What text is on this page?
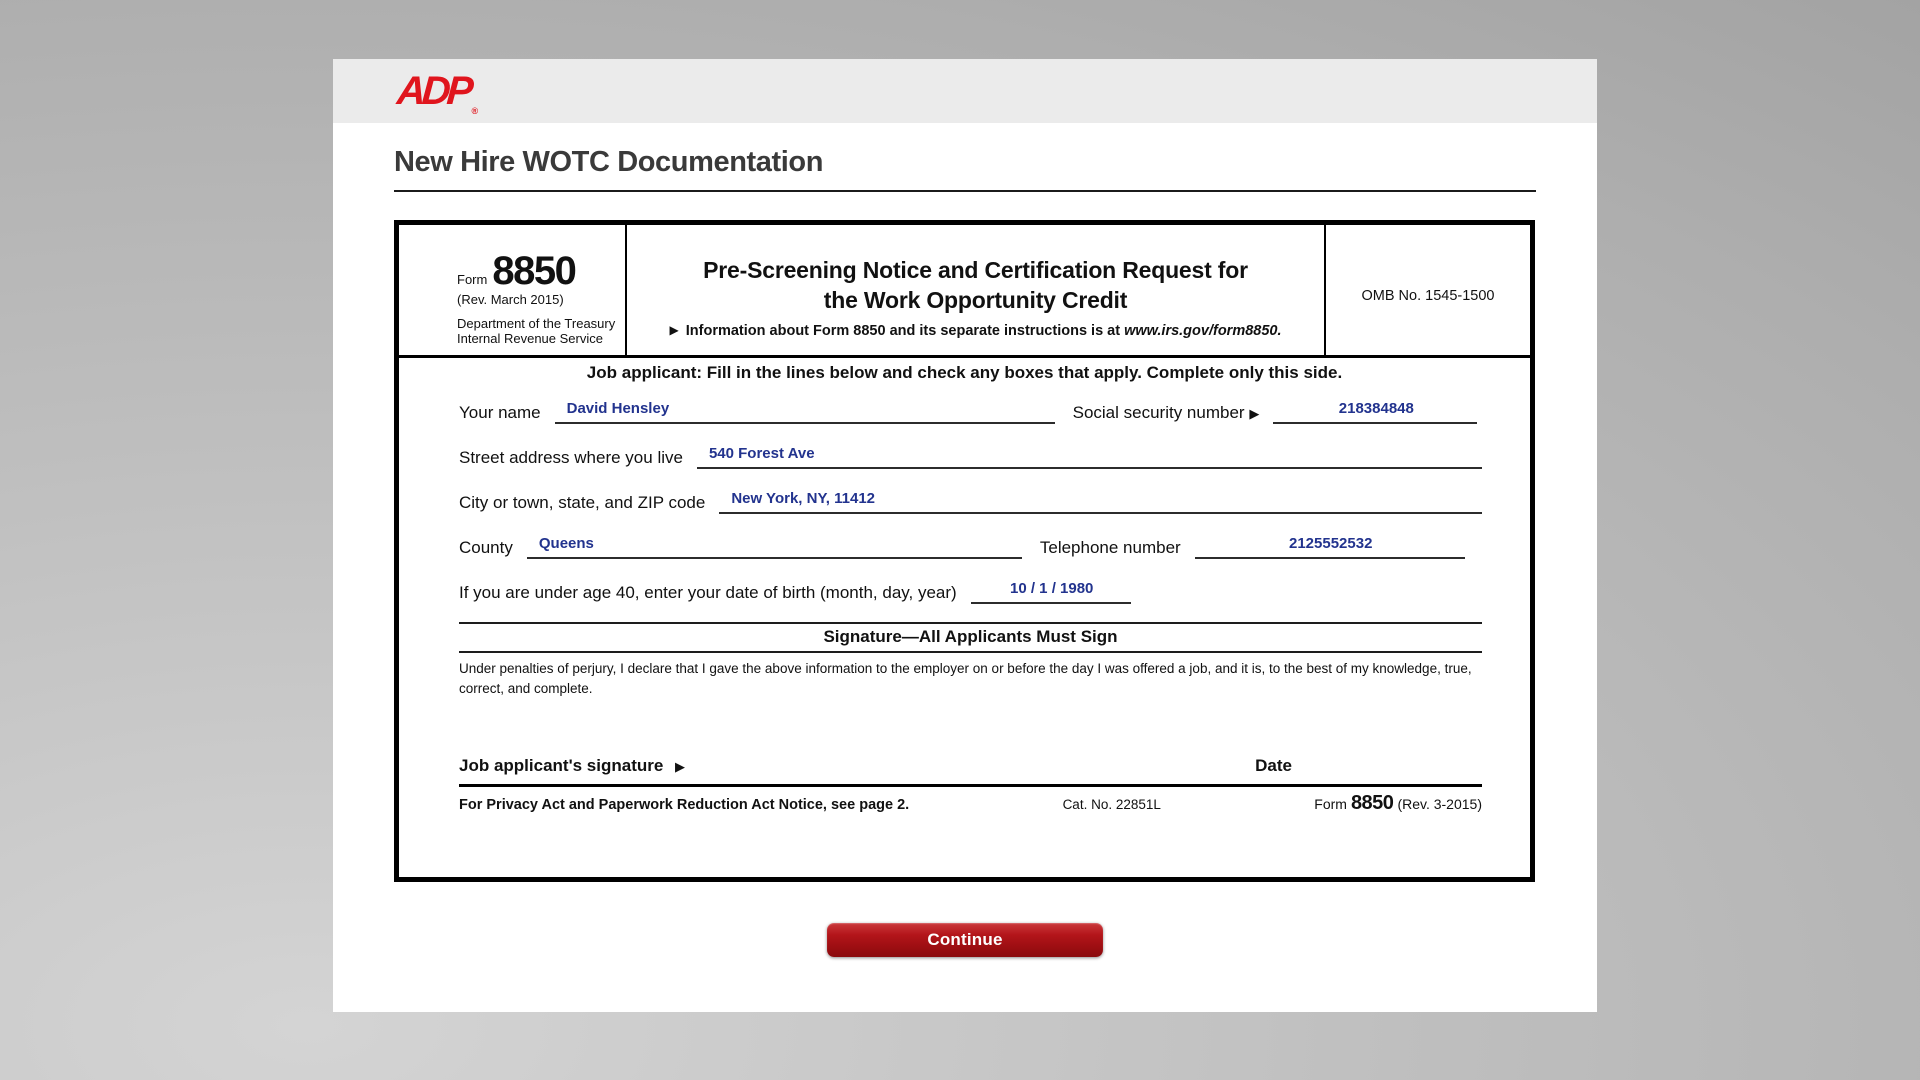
$ADP_®$
New Hire WOTC Documentation
Form 8850
(Rev. March 2015)
Department of the Treasury
Internal Revenue Service
Pre-Screening Notice and Certification Request for
the Work Opportunity Credit
▶ Information about Form 8850 and its separate instructions is at www.irs.gov/form8850.
OMB No. 1545-1500
Job applicant: Fill in the lines below and check any boxes that apply. Complete only this side.
Your name David Hensley	Social security number ▶	218384848
Street address where you live 540 Forest Ave
City or town, state, and ZIP code New York, NY, 11412
County Queens	Telephone number	2125552532
If you are under age 40, enter your date of birth (month, day, year)	10 / 1 / 1980
Signature—All Applicants Must Sign
Under penalties of perjury, I declare that I gave the above information to the employer on or before the day I was offered a job, and it is, to the best of my knowledge, true, correct, and complete.
Job applicant's signature ▶	Date
For Privacy Act and Paperwork Reduction Act Notice, see page 2.	Cat. No. 22851L	Form 8850 (Rev. 3-2015)
Continue
